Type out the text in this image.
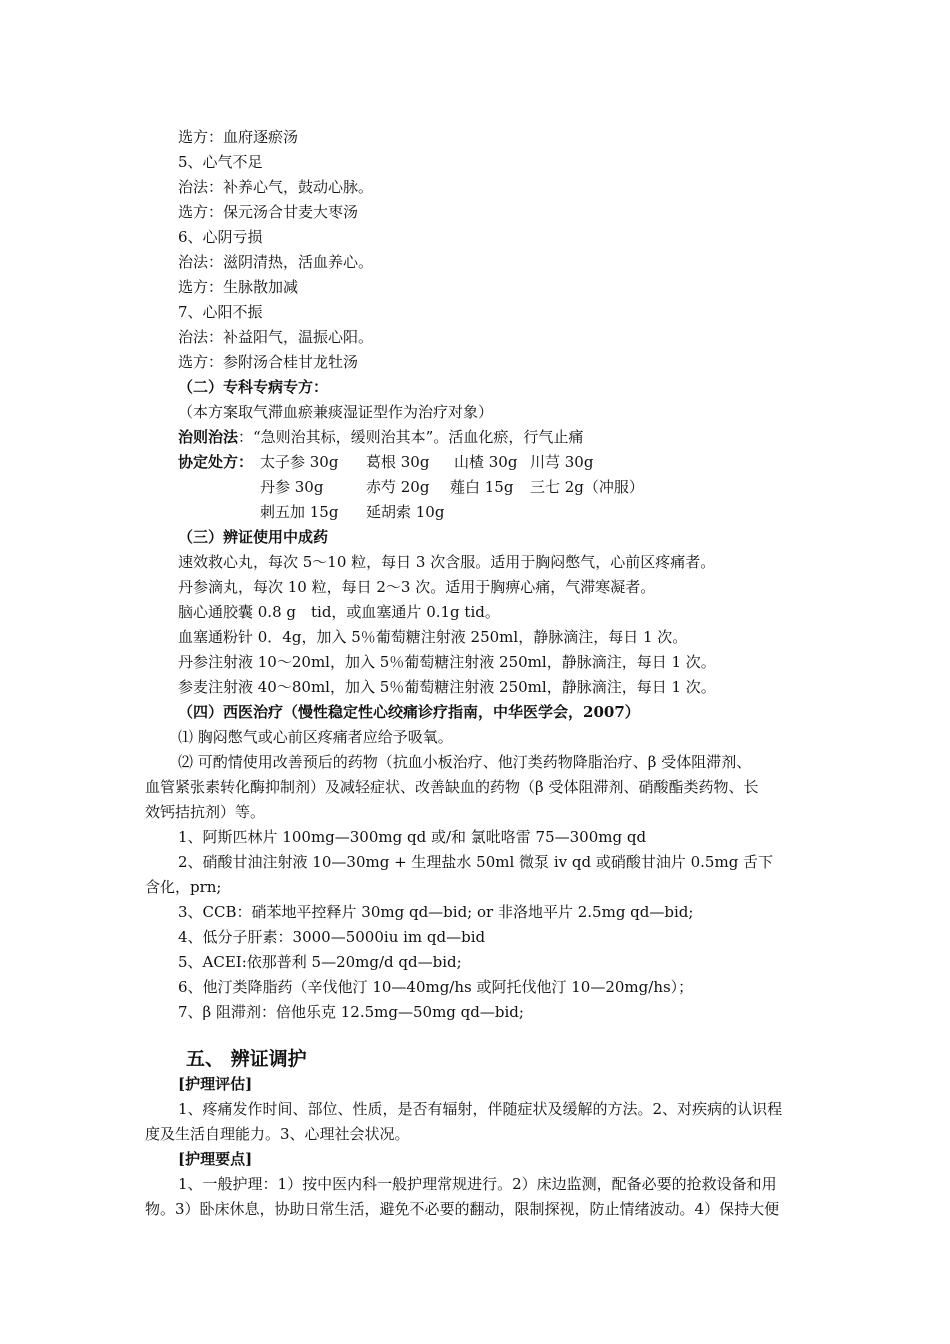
选方：血府逐瘀汤
5、心气不足
治法：补养心气，鼓动心脉。
选方：保元汤合甘麦大枣汤
6、心阴亏损
治法：滋阴清热，活血养心。
选方：生脉散加减
7、心阳不振
治法：补益阳气，温振心阳。
选方：参附汤合桂甘龙牡汤
（二）专科专病专方：
（本方案取气滞血瘀兼痰湿证型作为治疗对象）
治则治法：“急则治其标，缓则治其本”。活血化瘀，行气止痛
协定处方： 太子参 30g 葛根 30g 山楂 30g 川芎 30g
丹参 30g	赤芍 20g 薤白 15g 三七 2g（冲服）
刺五加 15g 延胡索 10g
（三）辨证使用中成药
速效救心丸，每次 5～10 粒，每日 3 次含服。适用于胸闷憋气，心前区疼痛者。
丹参滴丸，每次 10 粒，每日 2～3 次。适用于胸痹心痛，气滞寒凝者。
脑心通胶囊 0.8 g　tid，或血塞通片 0.1g tid。
血塞通粉针 0．4g，加入 5％葡萄糖注射液 250ml，静脉滴注，每日 1 次。
丹参注射液 10～20ml，加入 5％葡萄糖注射液 250ml，静脉滴注，每日 1 次。
参麦注射液 40～80ml，加入 5％葡萄糖注射液 250ml，静脉滴注，每日 1 次。
（四）西医治疗（慢性稳定性心绞痛诊疗指南，中华医学会，2007）
⑴ 胸闷憋气或心前区疼痛者应给予吸氧。
⑵ 可酌情使用改善预后的药物（抗血小板治疗、他汀类药物降脂治疗、β 受体阻滞剂、
血管紧张素转化酶抑制剂）及减轻症状、改善缺血的药物（β 受体阻滞剂、硝酸酯类药物、长
效钙拮抗剂）等。
1、阿斯匹林片 100mg—300mg qd 或/和 氯吡咯雷 75—300mg qd
2、硝酸甘油注射液 10—30mg + 生理盐水 50ml 微泵 iv qd 或硝酸甘油片 0.5mg 舌下
含化，prn;
3、CCB：硝苯地平控释片 30mg qd—bid; or 非洛地平片 2.5mg qd—bid;
4、低分子肝素：3000—5000iu im qd—bid
5、ACEI:依那普利 5—20mg/d qd—bid;
6、他汀类降脂药（辛伐他汀 10—40mg/hs 或阿托伐他汀 10—20mg/hs）；
7、β 阻滞剂：倍他乐克 12.5mg—50mg qd—bid;
五、 辨证调护
[护理评估]
1、疼痛发作时间、部位、性质，是否有辐射，伴随症状及缓解的方法。2、对疾病的认识程
度及生活自理能力。3、心理社会状况。
[护理要点]
1、一般护理：1）按中医内科一般护理常规进行。2）床边监测，配备必要的抢救设备和用
物。3）卧床休息，协助日常生活，避免不必要的翻动，限制探视，防止情绪波动。4）保持大便
